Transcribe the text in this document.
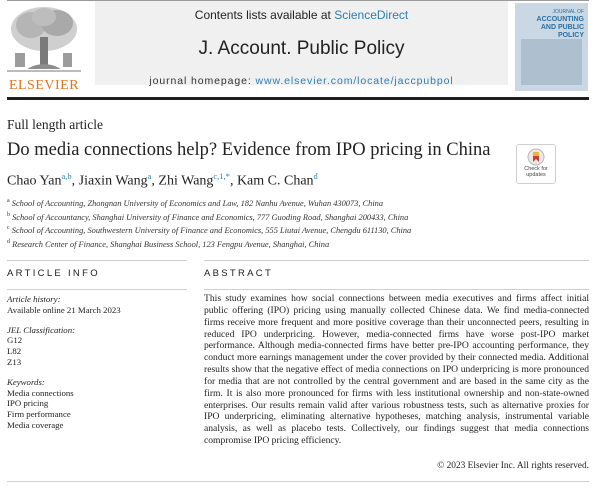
ELSEVIER
Contents lists available at ScienceDirect
J. Account. Public Policy
journal homepage: www.elsevier.com/locate/jaccpubpol
JOURNAL OF
ACCOUNTING
AND PUBLIC
POLICY
Full length article
Do media connections help? Evidence from IPO pricing in China
Check for
updates
Chao Yan$^{a,b}$, Jiaxin Wang$^a$, Zhi Wang$^{c,1,*}$, Kam C. Chan$^d$
$^a$ School of Accounting, Zhongnan University of Economics and Law, 182 Nanhu Avenue, Wuhan 430073, China
$^b$ School of Accountancy, Shanghai University of Finance and Economics, 777 Guoding Road, Shanghai 200433, China
$^c$ School of Accounting, Southwestern University of Finance and Economics, 555 Liutai Avenue, Chengdu 611130, China
$^d$ Research Center of Finance, Shanghai Business School, 123 Fengpu Avenue, Shanghai, China
ARTICLE INFO	ABSTRACT
Article history:
Available online 21 March 2023
JEL Classification:
G12
L82
Z13
Keywords:
Media connections
IPO pricing
Firm performance
Media coverage

This study examines how social connections between media executives and firms affect initial public offering (IPO) pricing using manually collected Chinese data. We find media-connected firms receive more frequent and more positive coverage than their unconnected peers, resulting in reduced IPO underpricing. However, media-connected firms have worse post-IPO market performance. Although media-connected firms have better pre-IPO accounting performance, they conduct more earnings management under the cover provided by their connected media. Additional results show that the negative effect of media connections on IPO underpricing is more pronounced for media that are not controlled by the central government and are based in the same city as the firm. It is also more pronounced for firms with less institutional ownership and non-state-owned enterprises. Our results remain valid after various robustness tests, such as alternative proxies for IPO underpricing, eliminating alternative hypotheses, matching analysis, instrumental variable analysis, as well as placebo tests. Collectively, our findings suggest that media connections compromise IPO pricing efficiency.

© 2023 Elsevier Inc. All rights reserved.
